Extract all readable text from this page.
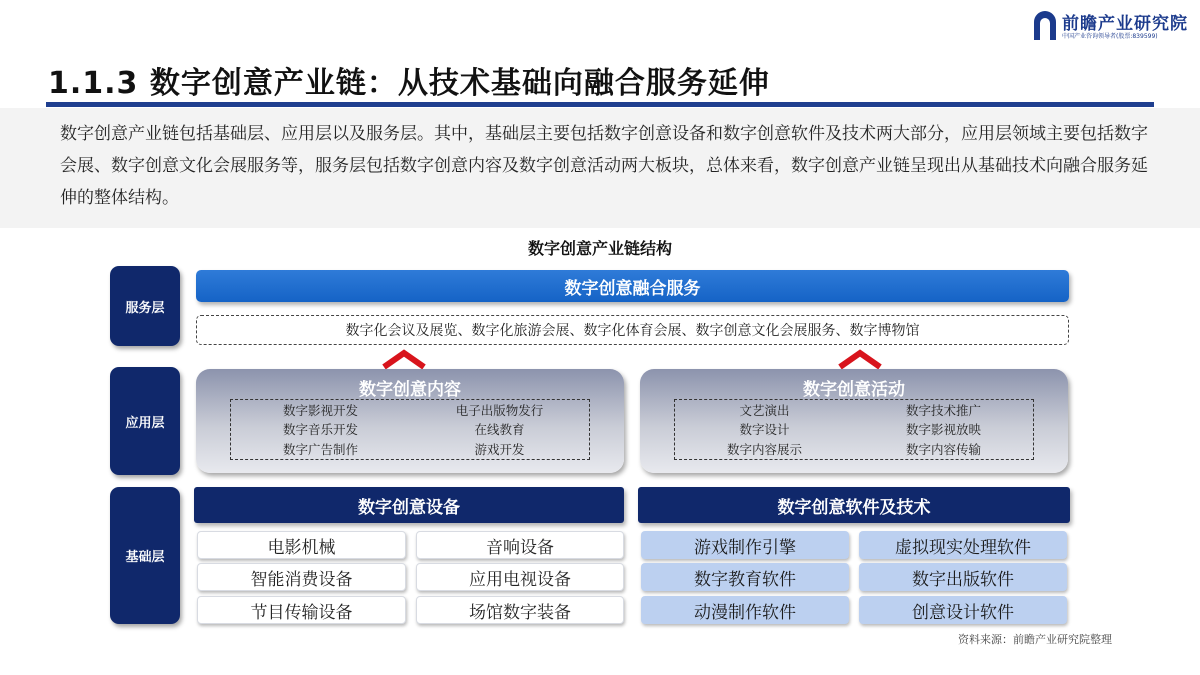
前瞻产业研究院
中国产业咨询领导者(股票:839599)
1.1.3 数字创意产业链：从技术基础向融合服务延伸

数字创意产业链包括基础层、应用层以及服务层。其中，基础层主要包括数字创意设备和数字创意软件及技术两大部分，应用层领域主要包括数字会展、数字创意文化会展服务等，服务层包括数字创意内容及数字创意活动两大板块，总体来看，数字创意产业链呈现出从基础技术向融合服务延伸的整体结构。

数字创意产业链结构
服务层
应用层
基础层
数字创意融合服务
数字化会议及展览、数字化旅游会展、数字化体育会展、数字创意文化会展服务、数字博物馆
数字创意内容
数字影视开发	电子出版物发行
数字音乐开发	在线教育
数字广告制作	游戏开发
数字创意活动
文艺演出	数字技术推广
数字设计	数字影视放映
数字内容展示	数字内容传输
数字创意设备
电影机械	音响设备
智能消费设备	应用电视设备
节目传输设备	场馆数字装备
数字创意软件及技术
游戏制作引擎	虚拟现实处理软件
数字教育软件	数字出版软件
动漫制作软件	创意设计软件
资料来源：前瞻产业研究院整理
